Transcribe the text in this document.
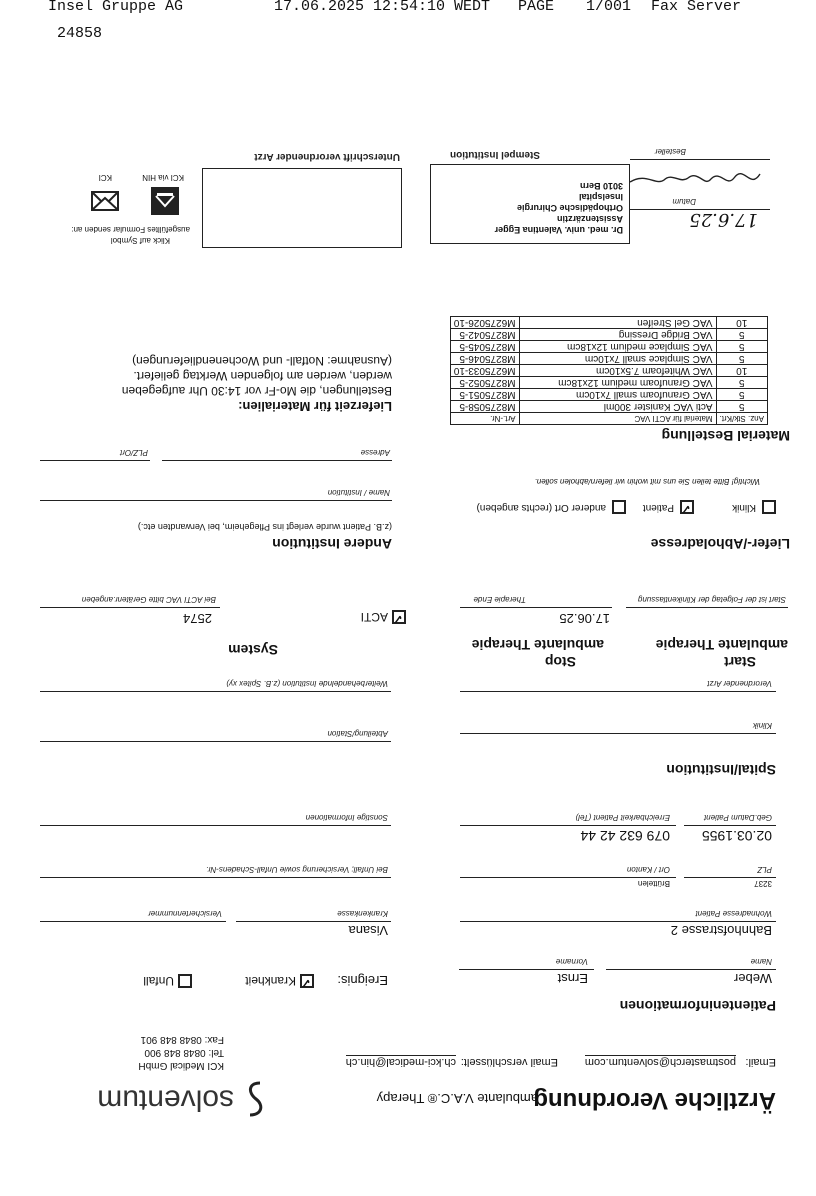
Insel Gruppe AG	17.06.2025 12:54:10 WEDT PAGE 1/001 Fax Server
24858
Ärztliche Verordnung
ambulante V.A.C.® Therapy
solventum
Email:
postmasterch@solventum.com
Email verschlüsselt:
ch.kci-medical@hin.ch
KCI Medical GmbH
Tel: 0848 848 900
Fax: 0848 848 901
Patienteninformationen
Weber
Name
Ernst
Vorname
Ereignis:
✓
Krankheit
Unfall
Bahnhofstrasse 2
Wohnadresse Patient
Visana
Krankenkasse
Versichertennummer
3237
Brüttelen
PLZ
Ort / Kanton
Bei Unfall; Versicherung sowie Unfall-Schadens-Nr.
02.03.1955
Geb.Datum Patient
079 632 42 44
Erreichbarkeit Patient (Tel)
Sonstige Informationen
Spital/Institution
Klinik
Abteilung/Station
Verordnender Arzt
Weiterbehandelnde Institution (z.B. Spitex xy)
Start
ambulante Therapie
Stop
ambulante Therapie
System
Start ist der Folgetag der Klinikentlassung
17.06.25
Therapie Ende
✓
ACTI
2574
Bei ACTI VAC bitte Gerätenr.angeben
Liefer-/Abholadresse
Andere Institution
(z.B. Patient wurde verlegt ins Pflegeheim, bei Verwandten etc.)
Klinik
✓
Patient
anderer Ort (rechts angeben)
Name / Institution
Wichtig! Bitte teilen Sie uns mit wohin wir liefern/abholen sollen.
Material Bestellung
Adresse
PLZ/Ort
Anz. Stk/Krt.	Material für ACTI VAC	Art.-Nr.
5	Acti VAC Kanister 300ml	M8275058-5
5	VAC Granufoam small 7x10cm	M8275051-5
5	VAC Granufoam medium 12x18cm	M8275052-5
10	VAC Whitefoam 7.5x10cm	M6275033-10
5	VAC Simplace small 7x10cm	M8275046-5
5	VAC Simplace medium 12x18cm	M8275045-5
5	VAC Bridge Dressing	M8275042-5
10	VAC Gel Streifen	M6275026-10
Lieferzeit für Materialien:
Bestellungen, die Mo-Fr vor 14:30 Uhr aufgegeben
werden, werden am folgenden Werktag geliefert.
(Ausnahme: Notfall- und Wochenendlieferungen)
17.6.25
Datum
Besteller
Dr. med. univ. Valentina Egger
Assistenzärztin
Orthopädische Chirurgie
Inselspital
3010 Bern
Stempel Institution
Unterschrift verordnender Arzt
Klick auf Symbol
ausgefülltes Formular senden an:
KCI via HIN
KCI
